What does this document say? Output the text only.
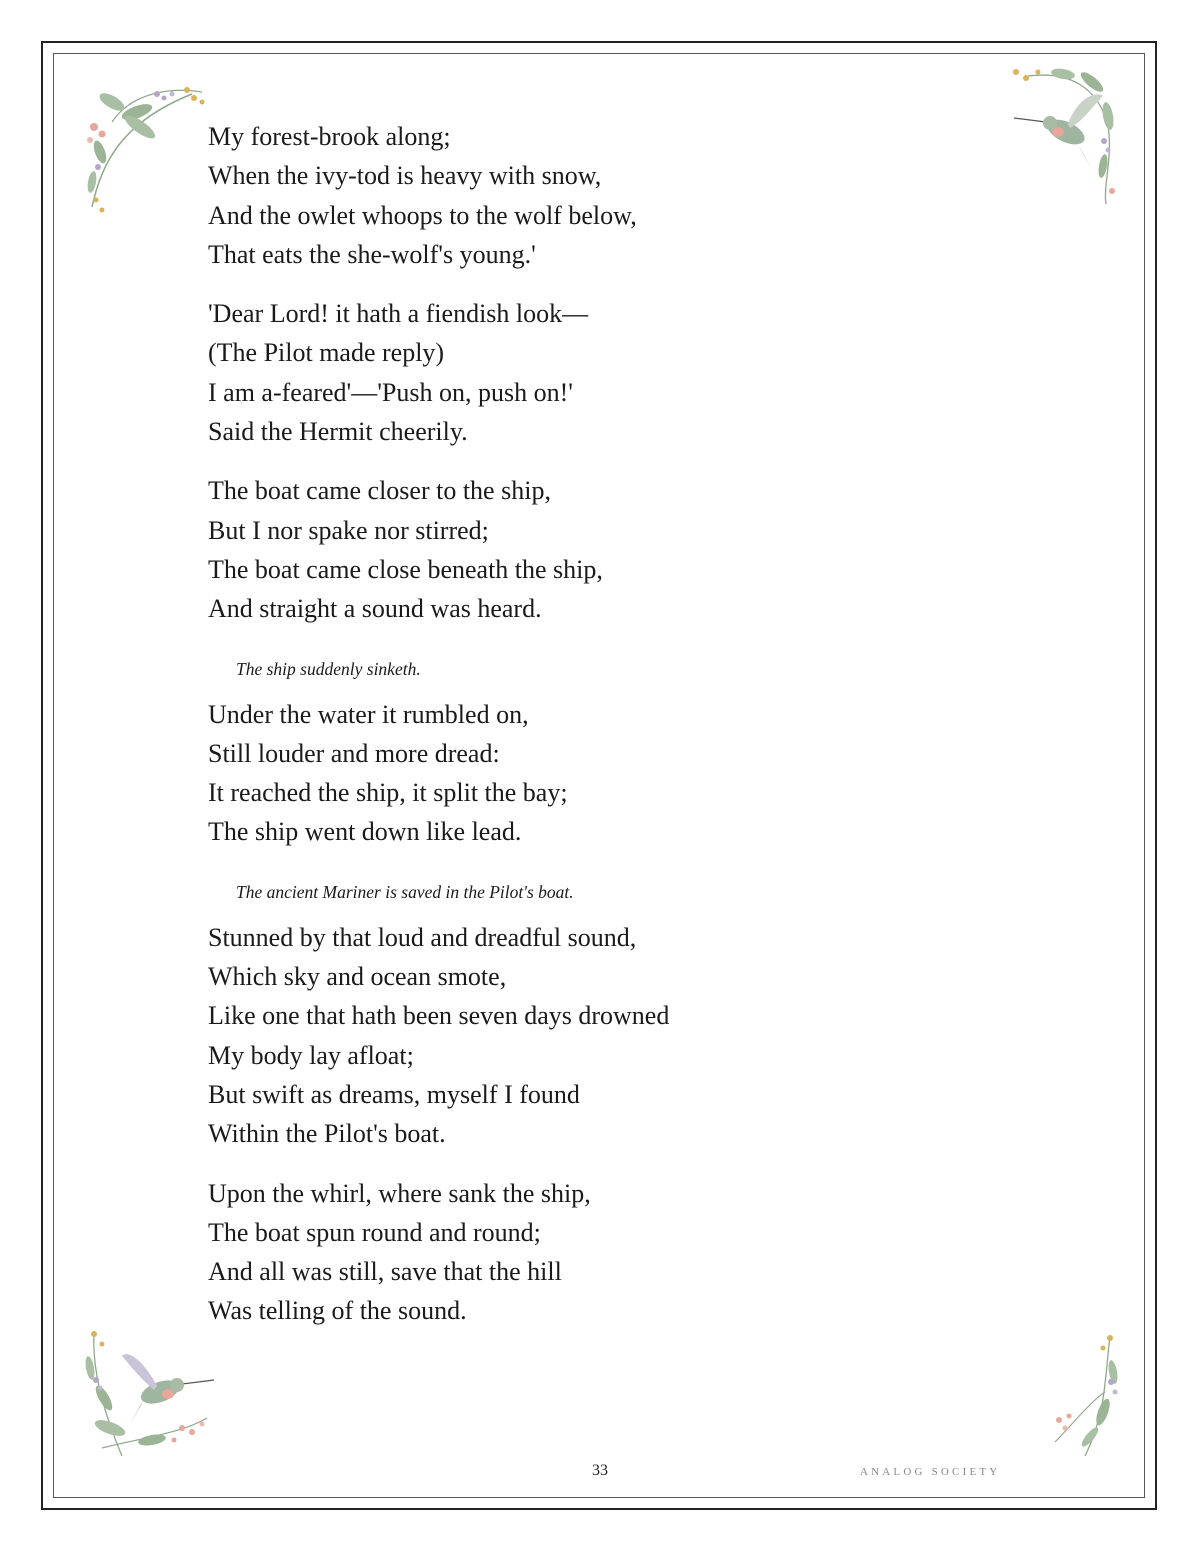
My forest-brook along;
When the ivy-tod is heavy with snow,
And the owlet whoops to the wolf below,
That eats the she-wolf's young.'
'Dear Lord! it hath a fiendish look—
(The Pilot made reply)
I am a-feared'—'Push on, push on!'
Said the Hermit cheerily.
The boat came closer to the ship,
But I nor spake nor stirred;
The boat came close beneath the ship,
And straight a sound was heard.
The ship suddenly sinketh.
Under the water it rumbled on,
Still louder and more dread:
It reached the ship, it split the bay;
The ship went down like lead.
The ancient Mariner is saved in the Pilot's boat.
Stunned by that loud and dreadful sound,
Which sky and ocean smote,
Like one that hath been seven days drowned
My body lay afloat;
But swift as dreams, myself I found
Within the Pilot's boat.
Upon the whirl, where sank the ship,
The boat spun round and round;
And all was still, save that the hill
Was telling of the sound.
33	ANALOG SOCIETY
